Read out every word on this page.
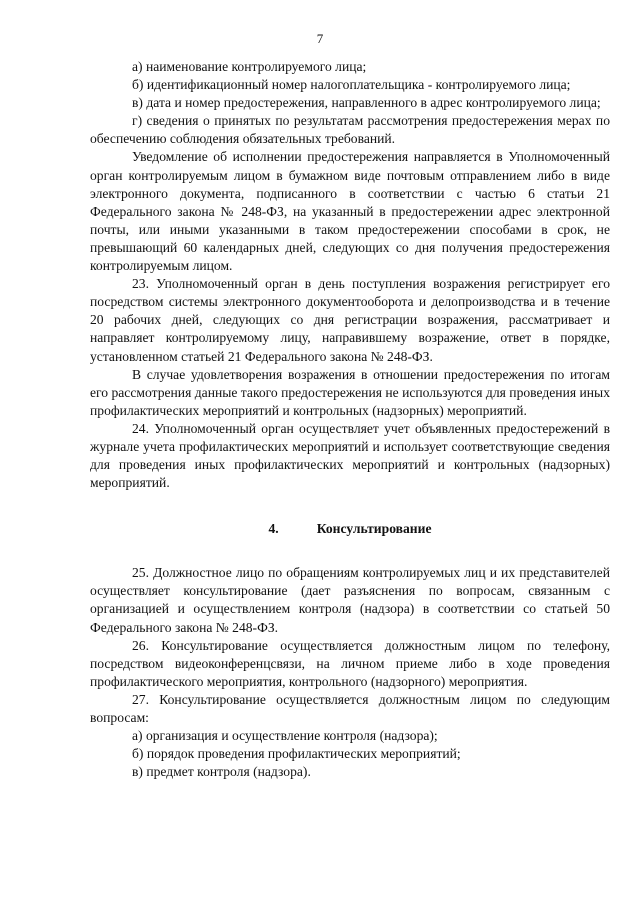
7

а) наименование контролируемого лица;

б) идентификационный номер налогоплательщика - контролируемого лица;

в) дата и номер предостережения, направленного в адрес контролируемого лица;

г) сведения о принятых по результатам рассмотрения предостережения мерах по обеспечению соблюдения обязательных требований.

Уведомление об исполнении предостережения направляется в Уполномоченный орган контролируемым лицом в бумажном виде почтовым отправлением либо в виде электронного документа, подписанного в соответствии с частью 6 статьи 21 Федерального закона № 248-ФЗ, на указанный в предостережении адрес электронной почты, или иными указанными в таком предостережении способами в срок, не превышающий 60 календарных дней, следующих со дня получения предостережения контролируемым лицом.

23. Уполномоченный орган в день поступления возражения регистрирует его посредством системы электронного документооборота и делопроизводства и в течение 20 рабочих дней, следующих со дня регистрации возражения, рассматривает и направляет контролируемому лицу, направившему возражение, ответ в порядке, установленном статьей 21 Федерального закона № 248-ФЗ.

В случае удовлетворения возражения в отношении предостережения по итогам его рассмотрения данные такого предостережения не используются для проведения иных профилактических мероприятий и контрольных (надзорных) мероприятий.

24. Уполномоченный орган осуществляет учет объявленных предостережений в журнале учета профилактических мероприятий и использует соответствующие сведения для проведения иных профилактических мероприятий и контрольных (надзорных) мероприятий.

4.	Консультирование

25. Должностное лицо по обращениям контролируемых лиц и их представителей осуществляет консультирование (дает разъяснения по вопросам, связанным с организацией и осуществлением контроля (надзора) в соответствии со статьей 50 Федерального закона № 248-ФЗ.

26. Консультирование осуществляется должностным лицом по телефону, посредством видеоконференцсвязи, на личном приеме либо в ходе проведения профилактического мероприятия, контрольного (надзорного) мероприятия.

27. Консультирование осуществляется должностным лицом по следующим вопросам:

а) организация и осуществление контроля (надзора);

б) порядок проведения профилактических мероприятий;

в) предмет контроля (надзора).
